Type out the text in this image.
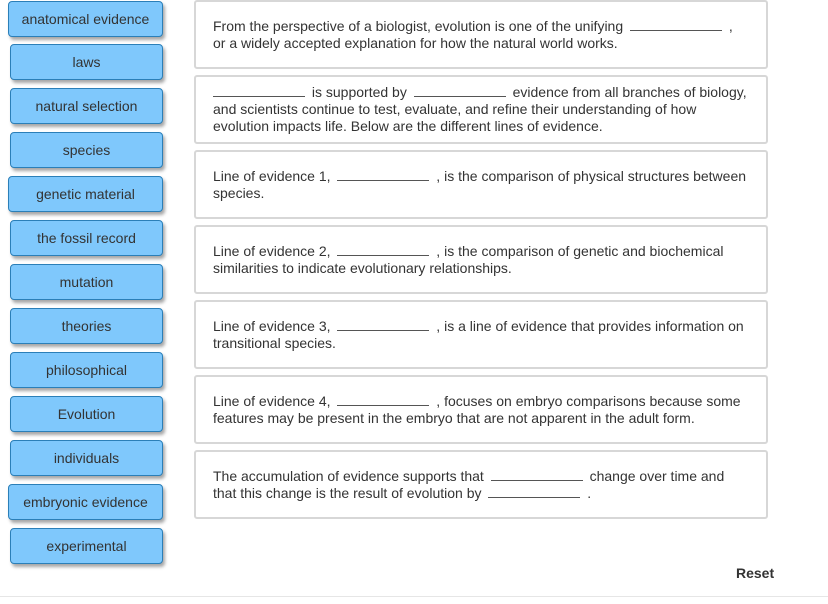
anatomical evidence
laws
natural selection
species
genetic material
the fossil record
mutation
theories
philosophical
Evolution
individuals
embryonic evidence
experimental
From the perspective of a biologist, evolution is one of the unifying	, or a widely accepted explanation for how the natural world works.
is supported by	evidence from all branches of biology, and scientists continue to test, evaluate, and refine their understanding of how evolution impacts life. Below are the different lines of evidence.
Line of evidence 1,	, is the comparison of physical structures between species.
Line of evidence 2,	, is the comparison of genetic and biochemical similarities to indicate evolutionary relationships.
Line of evidence 3,	, is a line of evidence that provides information on transitional species.
Line of evidence 4,	, focuses on embryo comparisons because some features may be present in the embryo that are not apparent in the adult form.
The accumulation of evidence supports that	change over time and that this change is the result of evolution by	.
Reset
